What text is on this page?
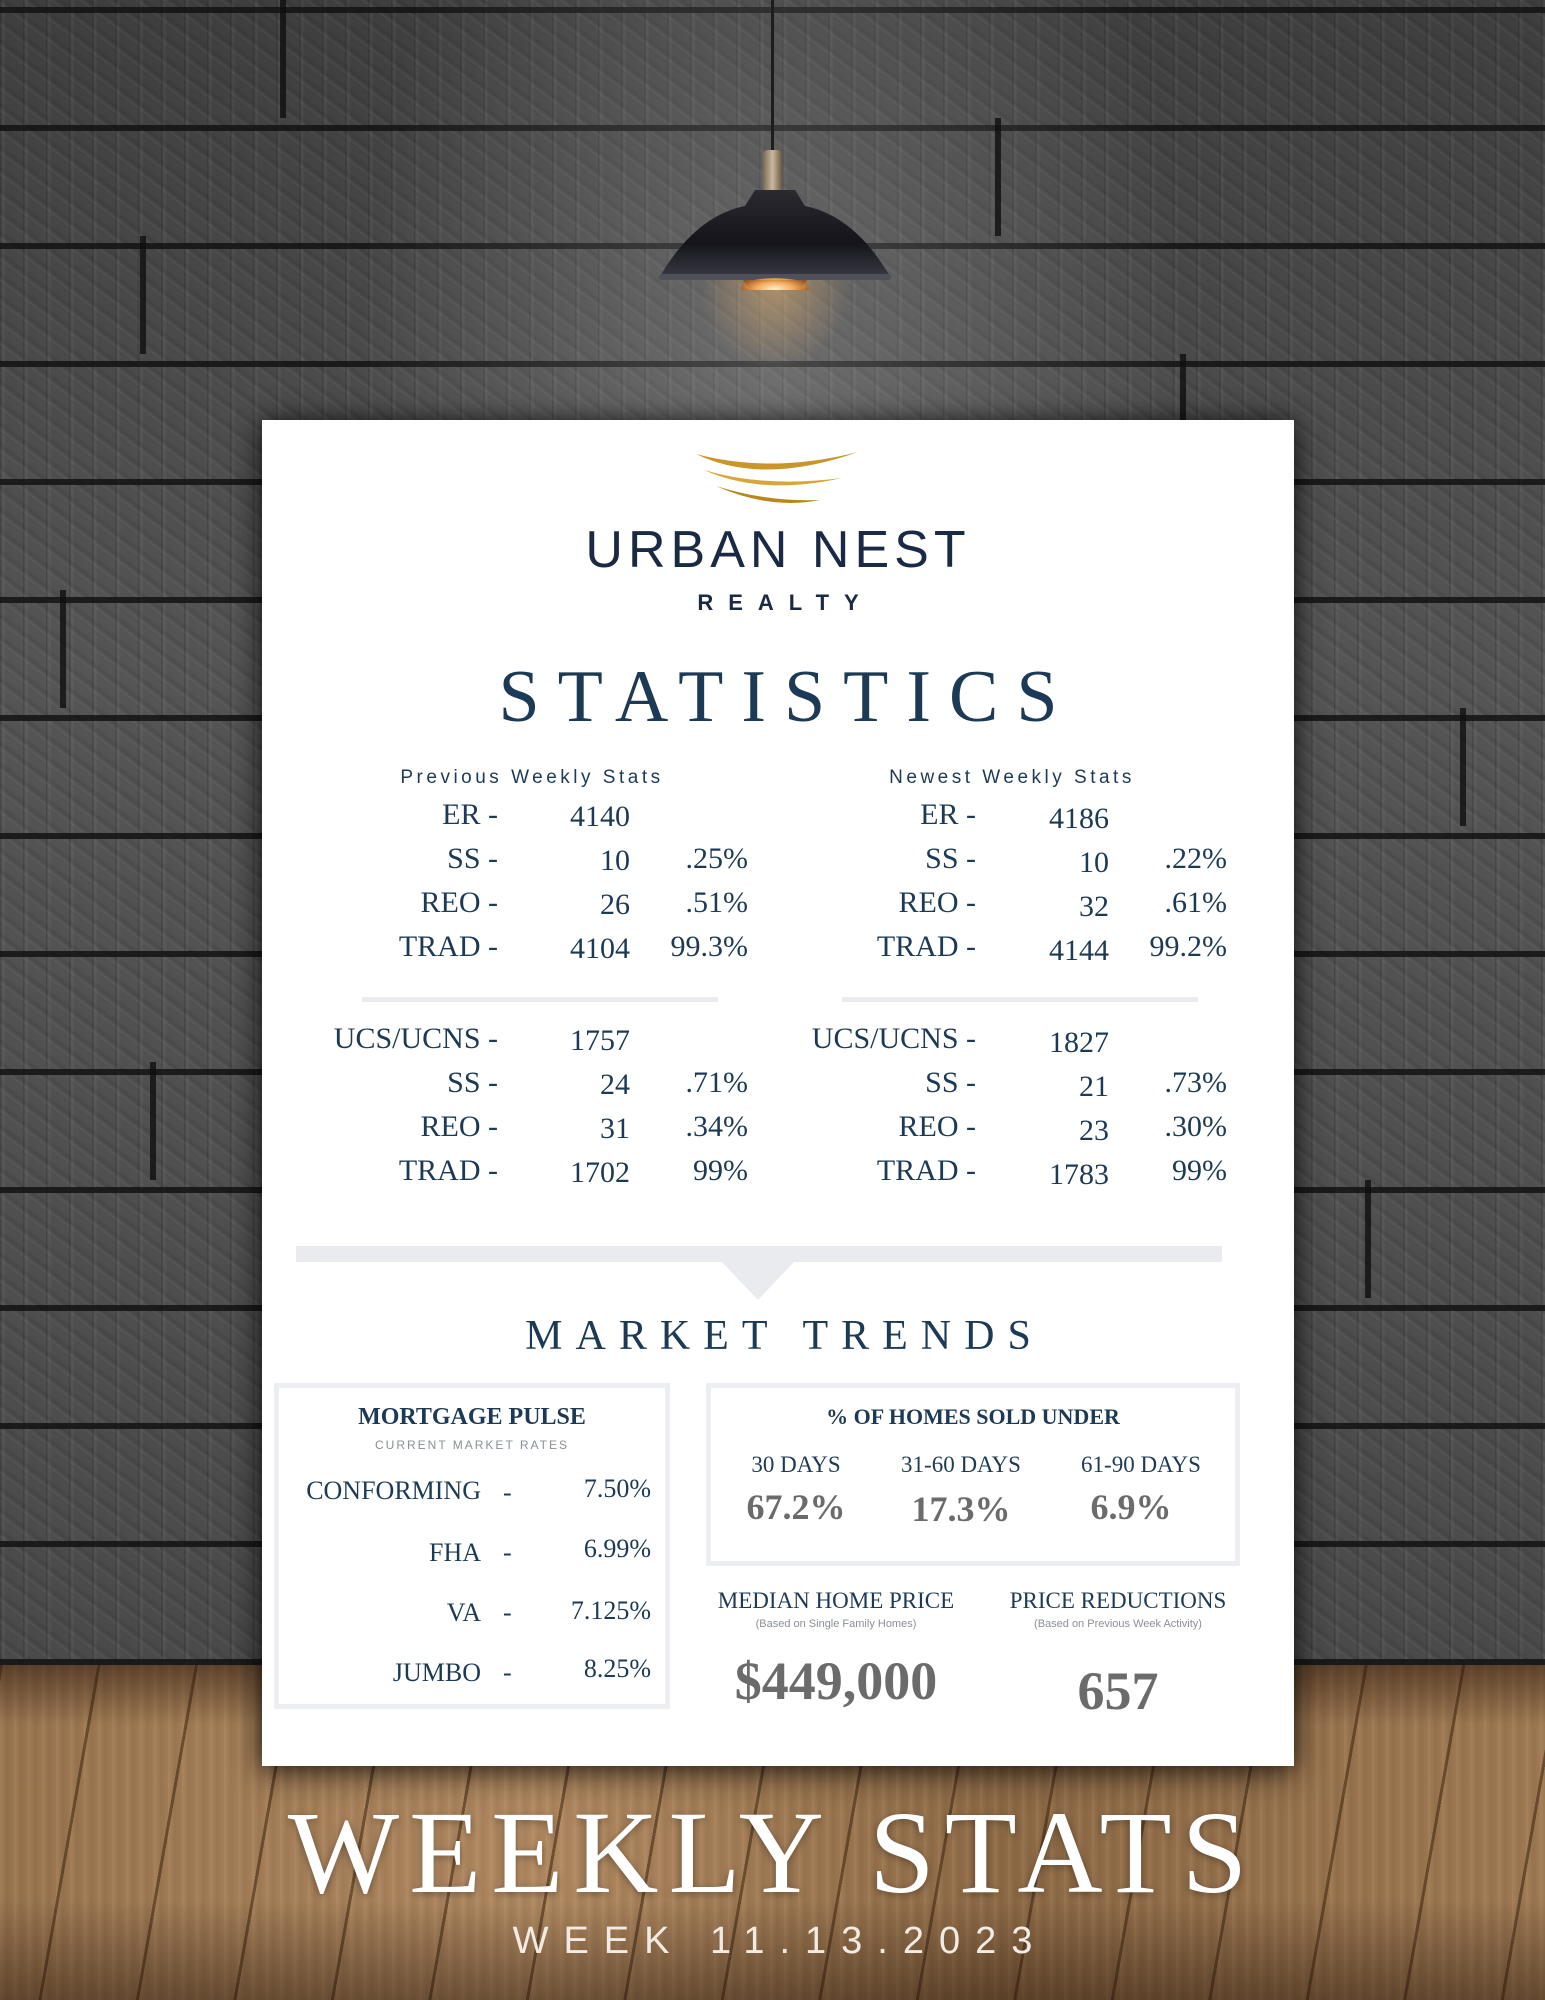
URBAN NEST
REALTY
STATISTICS
Previous Weekly Stats	Newest Weekly Stats
ER - 4140
SS -	10 .25%
REO -	26 .51%
TRAD - 4104 99.3%
UCS/UCNS - 1757
SS -	24 .71%
REO -	31 .34%
TRAD - 1702 99%
ER - 4186
SS -	10 .22%
REO -	32 .61%
TRAD - 4144 99.2%
UCS/UCNS - 1827
SS -	21 .73%
REO -	23 .30%
TRAD - 1783 99%
MARKET TRENDS
MORTGAGE PULSE
CURRENT MARKET RATES
CONFORMING -	7.50%
FHA -	6.99%
VA - 7.125%
JUMBO -	8.25%
% OF HOMES SOLD UNDER
30 DAYS
67.2%
31-60 DAYS
17.3%
61-90 DAYS
6.9%
MEDIAN HOME PRICE
(Based on Single Family Homes)
$449,000
PRICE REDUCTIONS
(Based on Previous Week Activity)
657
WEEKLY STATS
WEEK 11.13.2023
